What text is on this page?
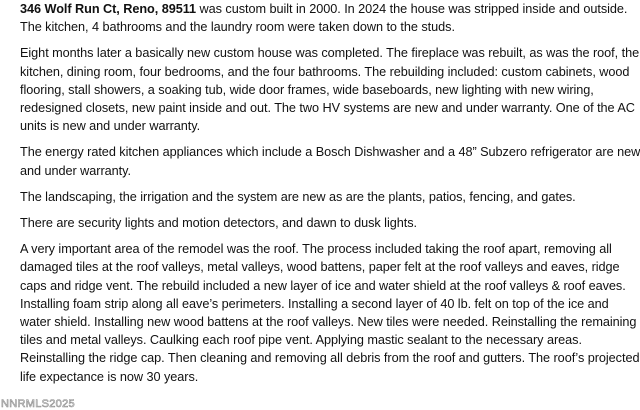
346 Wolf Run Ct, Reno, 89511 was custom built in 2000. In 2024 the house was stripped inside and outside. The kitchen, 4 bathrooms and the laundry room were taken down to the studs.

Eight months later a basically new custom house was completed. The fireplace was rebuilt, as was the roof, the kitchen, dining room, four bedrooms, and the four bathrooms. The rebuilding included: custom cabinets, wood flooring, stall showers, a soaking tub, wide door frames, wide baseboards, new lighting with new wiring, redesigned closets, new paint inside and out. The two HV systems are new and under warranty. One of the AC units is new and under warranty.

The energy rated kitchen appliances which include a Bosch Dishwasher and a 48” Subzero refrigerator are new and under warranty.

The landscaping, the irrigation and the system are new as are the plants, patios, fencing, and gates.

There are security lights and motion detectors, and dawn to dusk lights.

A very important area of the remodel was the roof. The process included taking the roof apart, removing all damaged tiles at the roof valleys, metal valleys, wood battens, paper felt at the roof valleys and eaves, ridge caps and ridge vent. The rebuild included a new layer of ice and water shield at the roof valleys & roof eaves. Installing foam strip along all eave’s perimeters. Installing a second layer of 40 lb. felt on top of the ice and water shield. Installing new wood battens at the roof valleys. New tiles were needed. Reinstalling the remaining tiles and metal valleys. Caulking each roof pipe vent. Applying mastic sealant to the necessary areas. Reinstalling the ridge cap. Then cleaning and removing all debris from the roof and gutters. The roof’s projected life expectance is now 30 years.

NNRMLS2025
